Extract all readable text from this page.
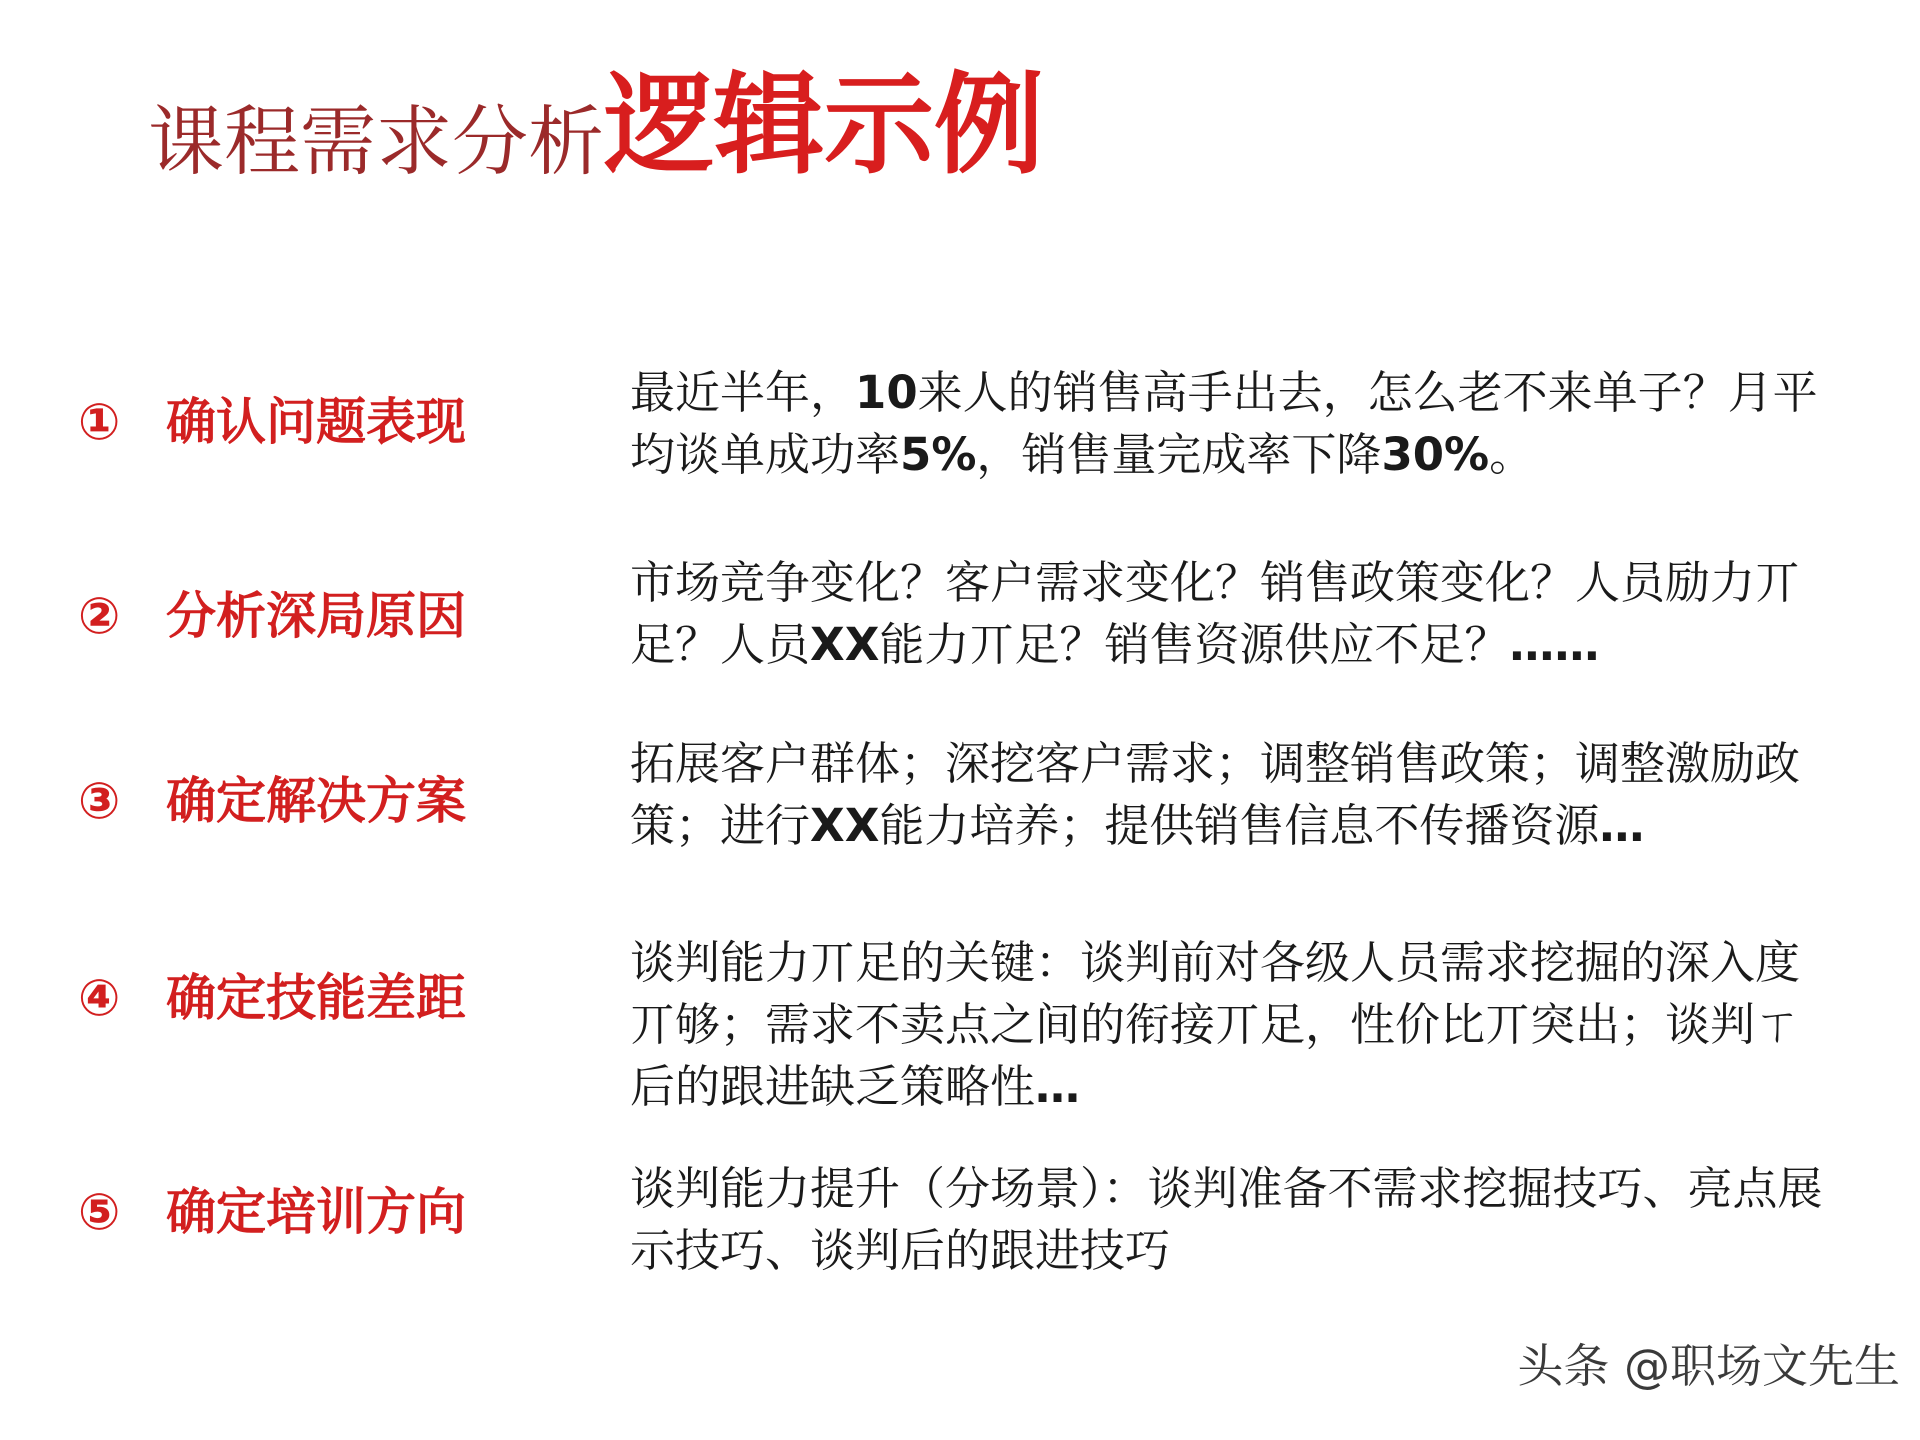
课程需求分析逻辑示例
① 确认问题表现
最近半年，10来人的销售高手出去，怎么老不来单子？月平均谈单成功率5%，销售量完成率下降30%。
② 分析深局原因
市场竞争变化？客户需求变化？销售政策变化？人员励力丌足？人员XX能力丌足？销售资源供应不足？……
③ 确定解决方案
拓展客户群体；深挖客户需求；调整销售政策；调整激励政策；进行XX能力培养；提供销售信息不传播资源…
④ 确定技能差距
谈判能力丌足的关键：谈判前对各级人员需求挖掘的深入度丌够；需求不卖点之间的衔接丌足，性价比丌突出；谈判ㄒ后的跟进缺乏策略性…
⑤ 确定培训方向	谈判能力提升（分场景）：谈判准备不需求挖掘技巧、亮点展示技巧、谈判后的跟进技巧
头条 @职场文先生
